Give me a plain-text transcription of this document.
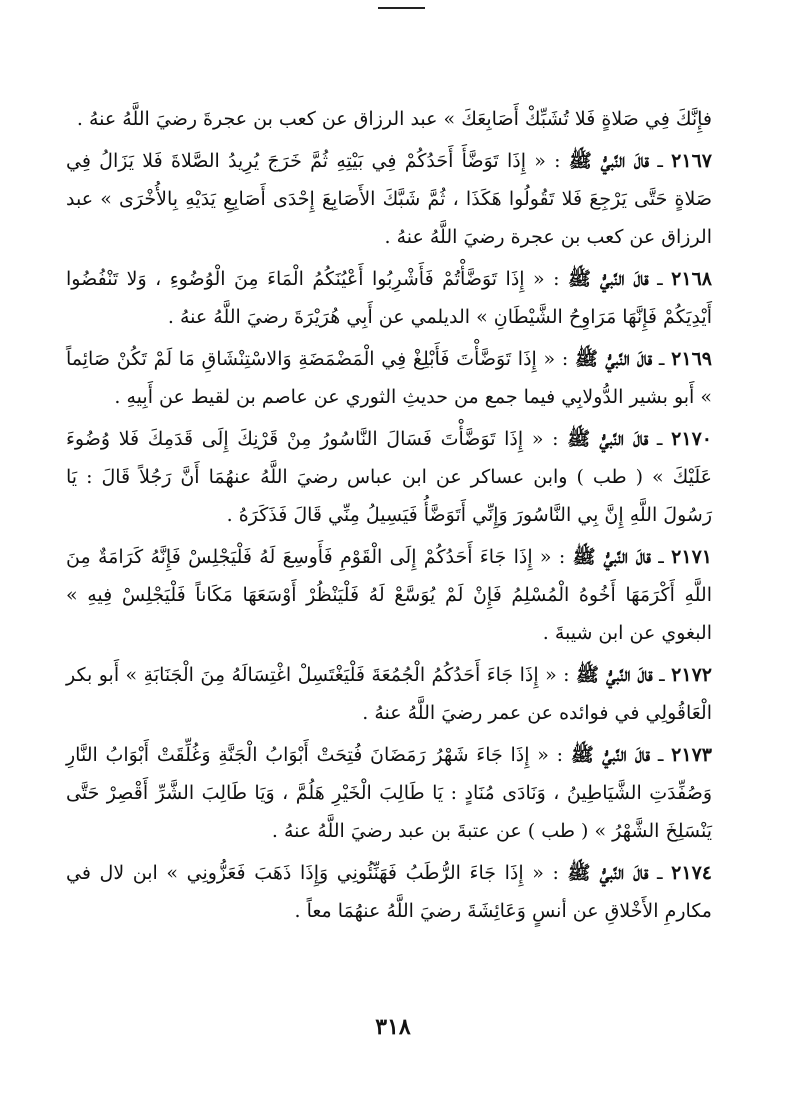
فإِنَّكَ فِي صَلاةٍ فَلا تُشَبِّكْ أَصَابِعَكَ » عبد الرزاق عن كعب بن عجرةَ رضيَ اللَّهُ عنهُ .

٢١٦٧ ـ قالَ النَّبيُّ ﷺ : « إِذَا تَوَضَّأَ أَحَدُكُمْ فِي بَيْتِهِ ثُمَّ خَرَجَ يُرِيدُ الصَّلاةَ فَلا يَزَالُ فِي صَلاةٍ حَتَّى يَرْجِعَ فَلا تَقُولُوا هَكَذَا ، ثُمَّ شَبَّكَ الأَصَابِعَ إِحْدَى أَصَابِعِ يَدَيْهِ بِالأُخْرَى » عبد الرزاق عن كعب بن عجرة رضيَ اللَّهُ عنهُ .

٢١٦٨ ـ قالَ النَّبيُّ ﷺ : « إِذَا تَوَضَّأْتُمْ فَأَشْرِبُوا أَعْيُنَكُمُ الْمَاءَ مِنَ الْوُضُوءِ ، وَلا تَنْفُضُوا أَيْدِيَكُمْ فَإِنَّهَا مَرَاوِحُ الشَّيْطَانِ » الديلمي عن أَبِي هُرَيْرَةَ رضيَ اللَّهُ عنهُ .

٢١٦٩ ـ قالَ النَّبيُّ ﷺ : « إِذَا تَوَضَّأْتَ فَأَبْلِغْ فِي الْمَضْمَضَةِ وَالاسْتِنْشَاقِ مَا لَمْ تَكُنْ صَائِماً » أَبو بشير الدُّولابِي فيما جمع من حديثِ الثوري عن عاصم بن لقيط عن أَبِيهِ .

٢١٧٠ ـ قالَ النَّبيُّ ﷺ : « إِذَا تَوَضَّأْتَ فَسَالَ النَّاسُورُ مِنْ قَرْنِكَ إِلَى قَدَمِكَ فَلا وُضُوءَ عَلَيْكَ » ( طب ) وابن عساكر عن ابن عباس رضيَ اللَّهُ عنهُمَا أَنَّ رَجُلاً قَالَ : يَا رَسُولَ اللَّهِ إِنَّ بِي النَّاسُورَ وَإِنِّي أَتَوَضَّأُ فَيَسِيلُ مِنِّي قَالَ فَذَكَرَهُ .

٢١٧١ ـ قالَ النَّبيُّ ﷺ : « إِذَا جَاءَ أَحَدُكُمْ إِلَى الْقَوْمِ فَأَوسِعَ لَهُ فَلْيَجْلِسْ فَإِنَّهُ كَرَامَةٌ مِنَ اللَّهِ أَكْرَمَهَا أَخُوهُ الْمُسْلِمُ فَإِنْ لَمْ يُوَسَّعْ لَهُ فَلْيَنْظُرْ أَوْسَعَهَا مَكَاناً فَلْيَجْلِسْ فِيهِ » البغوي عن ابن شيبةَ .

٢١٧٢ ـ قالَ النَّبيُّ ﷺ : « إِذَا جَاءَ أَحَدُكُمُ الْجُمُعَةَ فَلْيَغْتَسِلْ اغْتِسَالَهُ مِنَ الْجَنَابَةِ » أَبو بكر الْعَاقُولِي في فوائده عن عمر رضيَ اللَّهُ عنهُ .

٢١٧٣ ـ قالَ النَّبيُّ ﷺ : « إِذَا جَاءَ شَهْرُ رَمَضَانَ فُتِحَتْ أَبْوَابُ الْجَنَّةِ وَغُلِّقَتْ أَبْوَابُ النَّارِ وَصُفِّدَتِ الشَّيَاطِينُ ، وَنَادَى مُنَادٍ : يَا طَالِبَ الْخَيْرِ هَلُمَّ ، وَيَا طَالِبَ الشَّرِّ أَقْصِرْ حَتَّى يَنْسَلِخَ الشَّهْرُ » ( طب ) عن عتبةَ بن عبد رضيَ اللَّهُ عنهُ .

٢١٧٤ ـ قالَ النَّبيُّ ﷺ : « إِذَا جَاءَ الرُّطَبُ فَهَنِّئُونِي وَإِذَا ذَهَبَ فَعَزُّونِي » ابن لال في مكارمِ الأَخْلاقِ عن أنسٍ وَعَائِشَةَ رضيَ اللَّهُ عنهُمَا معاً .

٣١٨
